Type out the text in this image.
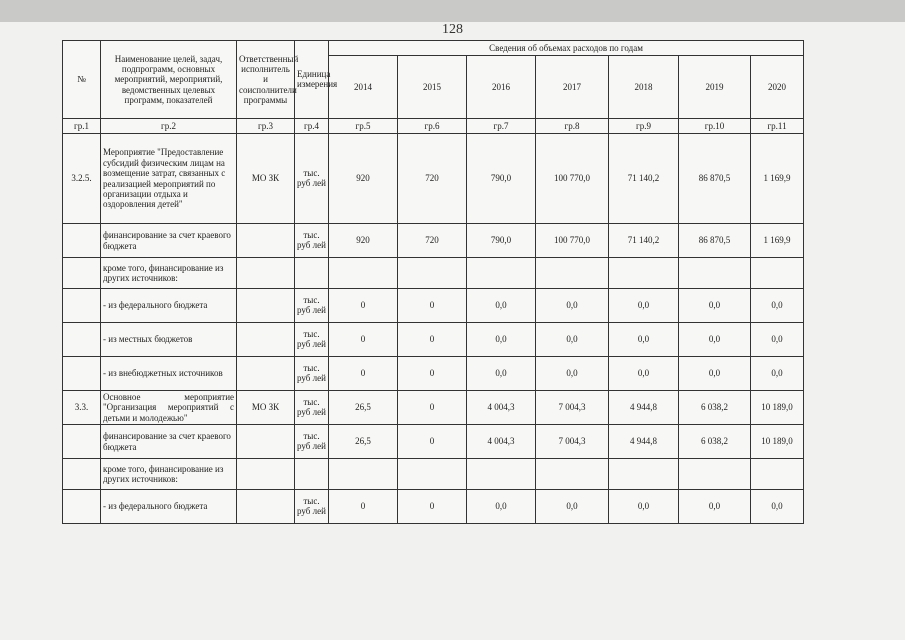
128
№	Наименование целей, задач, подпрограмм, основных мероприятий, мероприятий, ведомственных целевых программ, показателей	Ответственный исполнитель и соисполнители программы	Единица измерения	Сведения об объемах расходов по годам						
				2014	2015	2016	2017	2018	2019	2020
гр.1	гр.2	гр.3	гр.4	гр.5	гр.6	гр.7	гр.8	гр.9	гр.10	гр.11
3.2.5.	Мероприятие "Предоставление субсидий физическим лицам на возмещение затрат, связанных с реализацией мероприятий по организации отдыха и оздоровления детей"	МО ЗК	тыс. руб лей	920	720	790,0	100 770,0	71 140,2	86 870,5	1 169,9
	финансирование за счет краевого бюджета		тыс. руб лей	920	720	790,0	100 770,0	71 140,2	86 870,5	1 169,9
	кроме того, финансирование из других источников:									
	- из федерального бюджета		тыс. руб лей	0	0	0,0	0,0	0,0	0,0	0,0
	- из местных бюджетов		тыс. руб лей	0	0	0,0	0,0	0,0	0,0	0,0
	- из внебюджетных источников		тыс. руб лей	0	0	0,0	0,0	0,0	0,0	0,0
3.3.	Основное мероприятие "Организация мероприятий с детьми и молодежью"	МО ЗК	тыс. руб лей	26,5	0	4 004,3	7 004,3	4 944,8	6 038,2	10 189,0
	финансирование за счет краевого бюджета		тыс. руб лей	26,5	0	4 004,3	7 004,3	4 944,8	6 038,2	10 189,0
	кроме того, финансирование из других источников:									
	- из федерального бюджета		тыс. руб лей	0	0	0,0	0,0	0,0	0,0	0,0
